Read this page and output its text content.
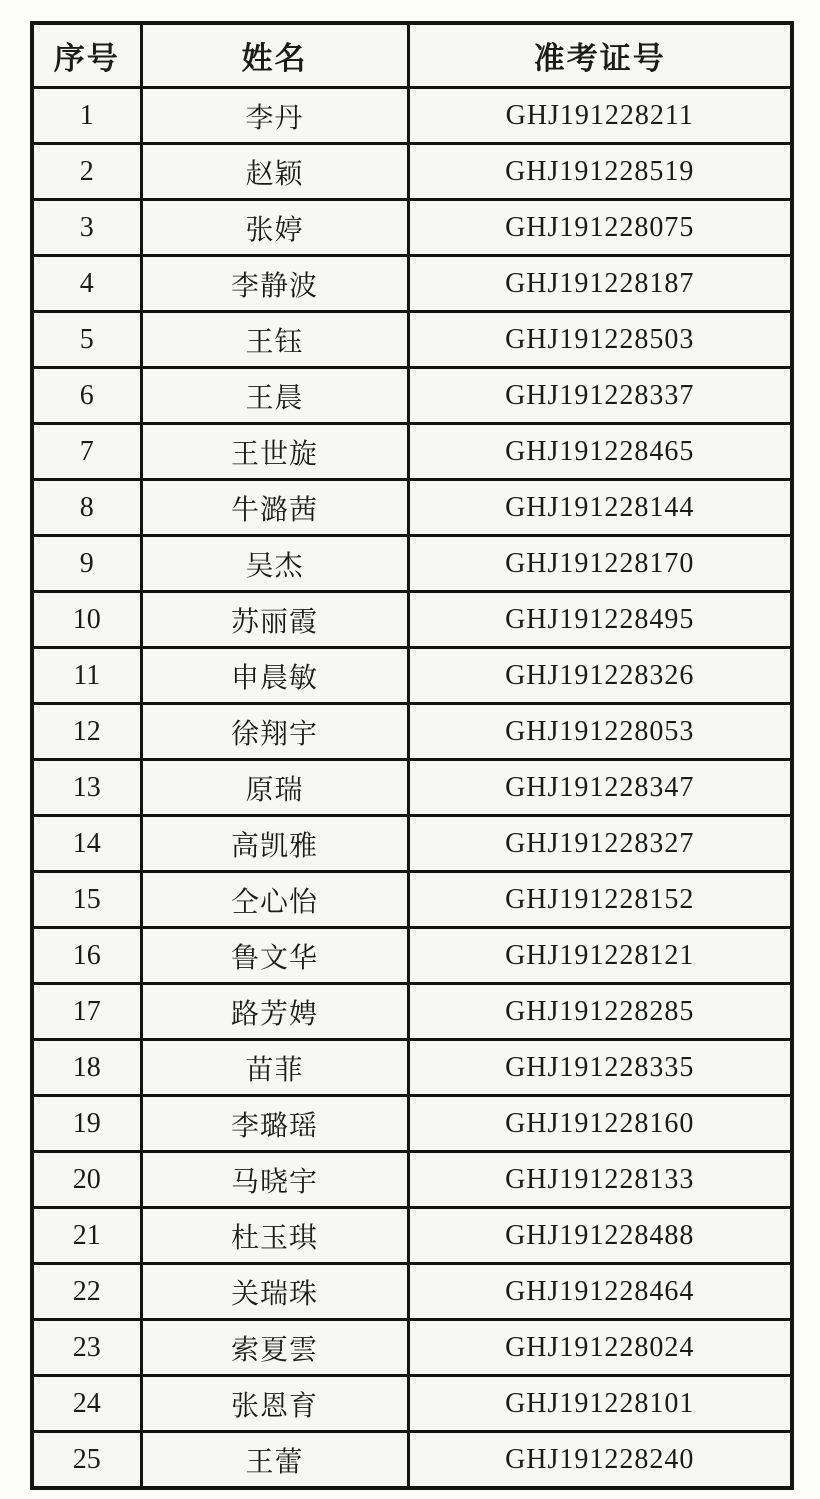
序号	姓名	准考证号
1	李丹	GHJ191228211
2	赵颖	GHJ191228519
3	张婷	GHJ191228075
4	李静波	GHJ191228187
5	王钰	GHJ191228503
6	王晨	GHJ191228337
7	王世旋	GHJ191228465
8	牛潞茜	GHJ191228144
9	吴杰	GHJ191228170
10	苏丽霞	GHJ191228495
11	申晨敏	GHJ191228326
12	徐翔宇	GHJ191228053
13	原瑞	GHJ191228347
14	高凯雅	GHJ191228327
15	仝心怡	GHJ191228152
16	鲁文华	GHJ191228121
17	路芳娉	GHJ191228285
18	苗菲	GHJ191228335
19	李璐瑶	GHJ191228160
20	马晓宇	GHJ191228133
21	杜玉琪	GHJ191228488
22	关瑞珠	GHJ191228464
23	索夏雲	GHJ191228024
24	张恩育	GHJ191228101
25	王蕾	GHJ191228240
